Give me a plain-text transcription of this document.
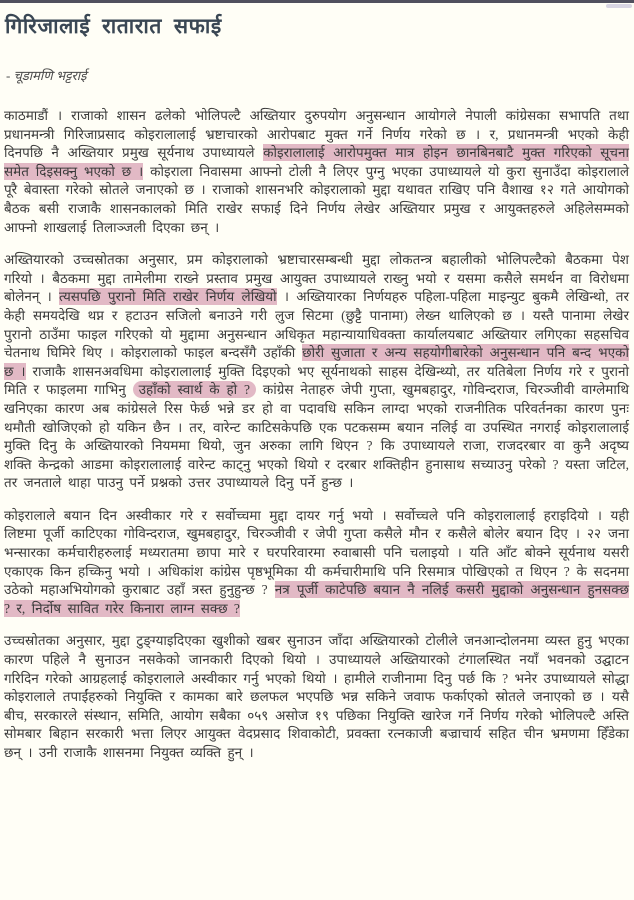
गिरिजालाई रातारात सफाई
- चूडामणि भट्टराई

काठमाडौं । राजाको शासन ढलेको भोलिपल्टै अख्तियार दुरुपयोग अनुसन्धान आयोगले नेपाली कांग्रेसका सभापति तथा प्रधानमन्त्री गिरिजाप्रसाद कोइरालालाई भ्रष्टाचारको आरोपबाट मुक्त गर्ने निर्णय गरेको छ । र, प्रधानमन्त्री भएको केही दिनपछि नै अख्तियार प्रमुख सूर्यनाथ उपाध्यायले कोइरालालाई आरोपमुक्त मात्र होइन छानबिनबाटै मुक्त गरिएको सूचना समेत दिइसक्नु भएको छ । कोइराला निवासमा आफ्नो टोली नै लिएर पुग्नु भएका उपाध्यायले यो कुरा सुनाउँदा कोइरालाले पूरै बेवास्ता गरेको स्रोतले जनाएको छ । राजाको शासनभरि कोइरालाको मुद्दा यथावत राखिए पनि वैशाख १२ गते आयोगको बैठक बसी राजाकै शासनकालको मिति राखेर सफाई दिने निर्णय लेखेर अख्तियार प्रमुख र आयुक्तहरुले अहिलेसम्मको आफ्नो शाखलाई तिलाञ्जली दिएका छन् ।

अख्तियारको उच्चस्रोतका अनुसार, प्रम कोइरालाको भ्रष्टाचारसम्बन्धी मुद्दा लोकतन्त्र बहालीको भोलिपल्टैको बैठकमा पेश गरियो । बैठकमा मुद्दा तामेलीमा राख्ने प्रस्ताव प्रमुख आयुक्त उपाध्यायले राख्नु भयो र यसमा कसैले समर्थन वा विरोधमा बोलेनन् । त्यसपछि पुरानो मिति राखेर निर्णय लेखियो । अख्तियारका निर्णयहरु पहिला-पहिला माइन्युट बुकमै लेखिन्थो, तर केही समयदेखि थप्न र हटाउन सजिलो बनाउने गरी लुज सिटमा (छुट्टै पानामा) लेख्न थालिएको छ । यस्तै पानामा लेखेर पुरानो ठाउँमा फाइल गरिएको यो मुद्दामा अनुसन्धान अधिकृत महान्यायाधिवक्ता कार्यालयबाट अख्तियार लगिएका सहसचिव चेतनाथ घिमिरे थिए । कोइरालाको फाइल बन्दसँगै उहाँकी छोरी सुजाता र अन्य सहयोगीबारेको अनुसन्धान पनि बन्द भएको छ । राजाकै शासनअवधिमा कोइरालालाई मुक्ति दिइएको भए सूर्यनाथको साहस देखिन्थ्यो, तर यतिबेला निर्णय गरे र पुरानो मिति र फाइलमा गाभिनु उहाँको स्वार्थ के हो ? कांग्रेस नेताहरु जेपी गुप्ता, खुमबहादुर, गोविन्दराज, चिरञ्जीवी वाग्लेमाथि खनिएका कारण अब कांग्रेसले रिस फेर्छ भन्ने डर हो वा पदावधि सकिन लाग्दा भएको राजनीतिक परिवर्तनका कारण पुनः थमौती खोजिएको हो यकिन छैन । तर, वारेन्ट काटिसकेपछि एक पटकसम्म बयान नलिई वा उपस्थित नगराई कोइरालालाई मुक्ति दिनु के अख्तियारको नियममा थियो, जुन अरुका लागि थिएन ? कि उपाध्यायले राजा, राजदरबार वा कुनै अदृष्य शक्ति केन्द्रको आडमा कोइरालालाई वारेन्ट काट्नु भएको थियो र दरबार शक्तिहीन हुनासाथ सच्याउनु परेको ? यस्ता जटिल, तर जनताले थाहा पाउनु पर्ने प्रश्नको उत्तर उपाध्यायले दिनु पर्ने हुन्छ ।

कोइरालाले बयान दिन अस्वीकार गरे र सर्वोच्चमा मुद्दा दायर गर्नु भयो । सर्वोच्चले पनि कोइरालालाई हराइदियो । यही लिष्टमा पूर्जी काटिएका गोविन्दराज, खुमबहादुर, चिरञ्जीवी र जेपी गुप्ता कसैले मौन र कसैले बोलेर बयान दिए । २२ जना भन्सारका कर्मचारीहरुलाई मध्यरातमा छापा मारे र घरपरिवारमा रुवाबासी पनि चलाइयो । यति आँट बोक्ने सूर्यनाथ यसरी एकाएक किन हच्किनु भयो । अधिकांश कांग्रेस पृष्ठभूमिका यी कर्मचारीमाथि पनि रिसमात्र पोखिएको त थिएन ? के सदनमा उठेको महाअभियोगको कुराबाट उहाँ त्रस्त हुनुहुन्छ ? नत्र पूर्जी काटेपछि बयान नै नलिई कसरी मुद्दाको अनुसन्धान हुनसक्छ ? र, निर्दोष सावित गरेर किनारा लाग्न सक्छ ?

उच्चस्रोतका अनुसार, मुद्दा टुङ्ग्याइदिएका खुशीको खबर सुनाउन जाँदा अख्तियारको टोलीले जनआन्दोलनमा व्यस्त हुनु भएका कारण पहिले नै सुनाउन नसकेको जानकारी दिएको थियो । उपाध्यायले अख्तियारको टंगालस्थित नयाँ भवनको उद्घाटन गरिदिन गरेको आग्रहलाई कोइरालाले अस्वीकार गर्नु भएको थियो । हामीले राजीनामा दिनु पर्छ कि ? भनेर उपाध्यायले सोद्धा कोइरालाले तपाईंहरुको नियुक्ति र कामका बारे छलफल भएपछि भन्न सकिने जवाफ फर्काएको स्रोतले जनाएको छ । यसै बीच, सरकारले संस्थान, समिति, आयोग सबैका ०५९ असोज १९ पछिका नियुक्ति खारेज गर्ने निर्णय गरेको भोलिपल्टै अस्ति सोमबार बिहान सरकारी भत्ता लिएर आयुक्त वेदप्रसाद शिवाकोटी, प्रवक्ता रत्नकाजी बज्राचार्य सहित चीन भ्रमणमा हिँडेका छन् । उनी राजाकै शासनमा नियुक्त व्यक्ति हुन् ।
